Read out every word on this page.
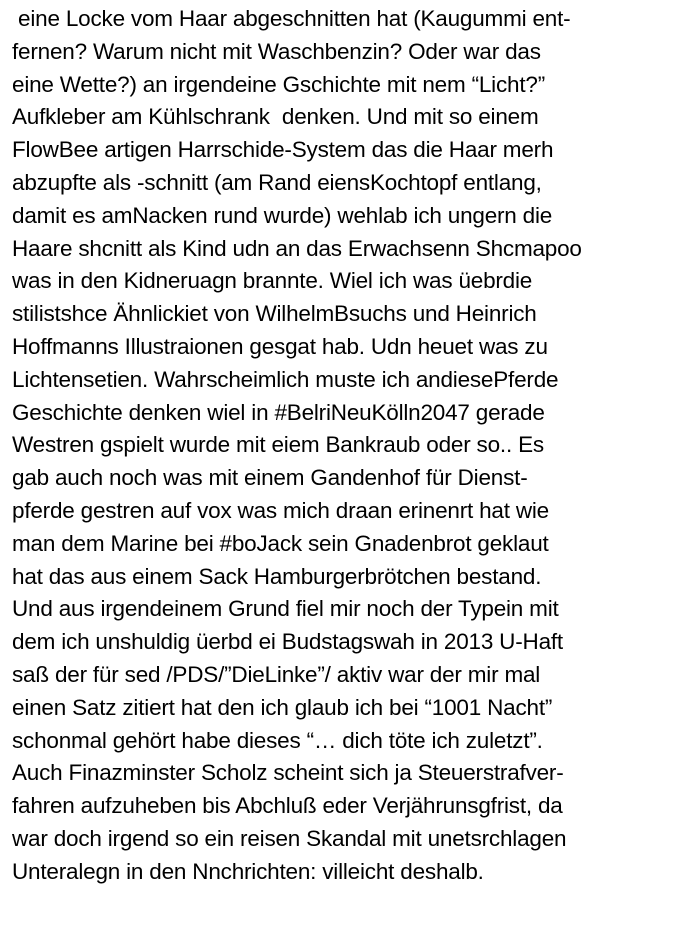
eine Locke vom Haar abgeschnitten hat (Kaugummi ent-
fernen? Warum nicht mit Waschbenzin? Oder war das
eine Wette?) an irgendeine Gschichte mit nem “Licht?”
Aufkleber am Kühlschrank  denken. Und mit so einem
FlowBee artigen Harrschide-System das die Haar merh
abzupfte als -schnitt (am Rand eiensKochtopf entlang,
damit es amNacken rund wurde) wehlab ich ungern die
Haare shcnitt als Kind udn an das Erwachsenn Shcmapoo
was in den Kidneruagn brannte. Wiel ich was üebrdie
stilistshce Ähnlickiet von WilhelmBsuchs und Heinrich
Hoffmanns Illustraionen gesgat hab. Udn heuet was zu
Lichtensetien. Wahrscheimlich muste ich andiesePferde
Geschichte denken wiel in #BelriNeuKölln2047 gerade
Westren gspielt wurde mit eiem Bankraub oder so.. Es
gab auch noch was mit einem Gandenhof für Dienst-
pferde gestren auf vox was mich draan erinenrt hat wie
man dem Marine bei #boJack sein Gnadenbrot geklaut
hat das aus einem Sack Hamburgerbrötchen bestand.
Und aus irgendeinem Grund fiel mir noch der Typein mit
dem ich unshuldig üerbd ei Budstagswah in 2013 U-Haft
saß der für sed /PDS/”DieLinke”/ aktiv war der mir mal
einen Satz zitiert hat den ich glaub ich bei “1001 Nacht”
schonmal gehört habe dieses “… dich töte ich zuletzt”.
Auch Finazminster Scholz scheint sich ja Steuerstrafver-
fahren aufzuheben bis Abchluß eder Verjährunsgfrist, da
war doch irgend so ein reisen Skandal mit unetsrchlagen
Unteralegn in den Nnchrichten: villeicht deshalb.
